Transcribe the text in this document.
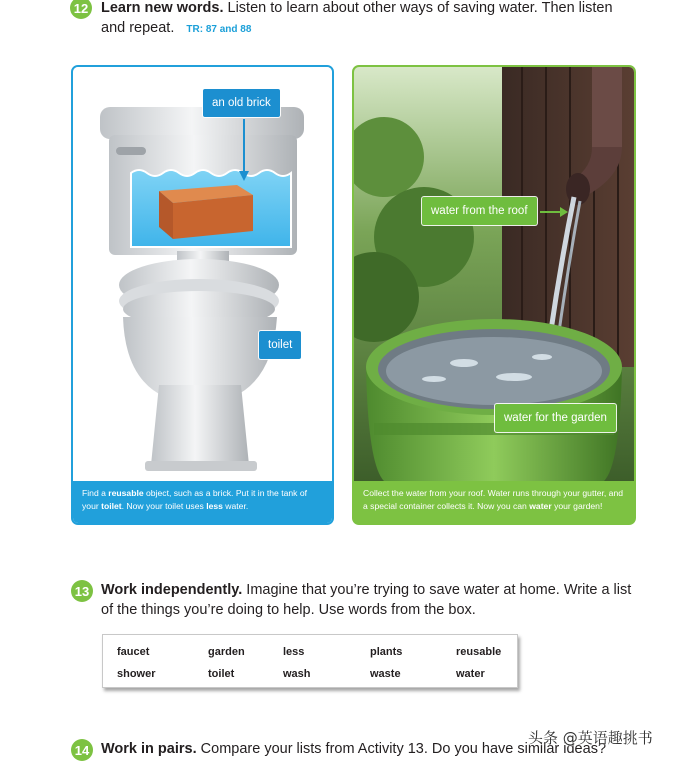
12 Learn new words. Listen to learn about other ways of saving water. Then listen
and repeat. TR: 87 and 88
an old brick
toilet
Find a reusable object, such as a brick. Put it in the tank of
your toilet. Now your toilet uses less water.
water from the roof
water for the garden
Collect the water from your roof. Water runs through your gutter, and
a special container collects it. Now you can water your garden!
13 Work independently. Imagine that you’re trying to save water at home. Write a list
of the things you’re doing to help. Use words from the box.
faucet	garden	less	plants	reusable
shower	toilet	wash	waste	water
14 Work in pairs. Compare your lists from Activity 13. Do you have similar ideas?
头条 @英语趣挑书
